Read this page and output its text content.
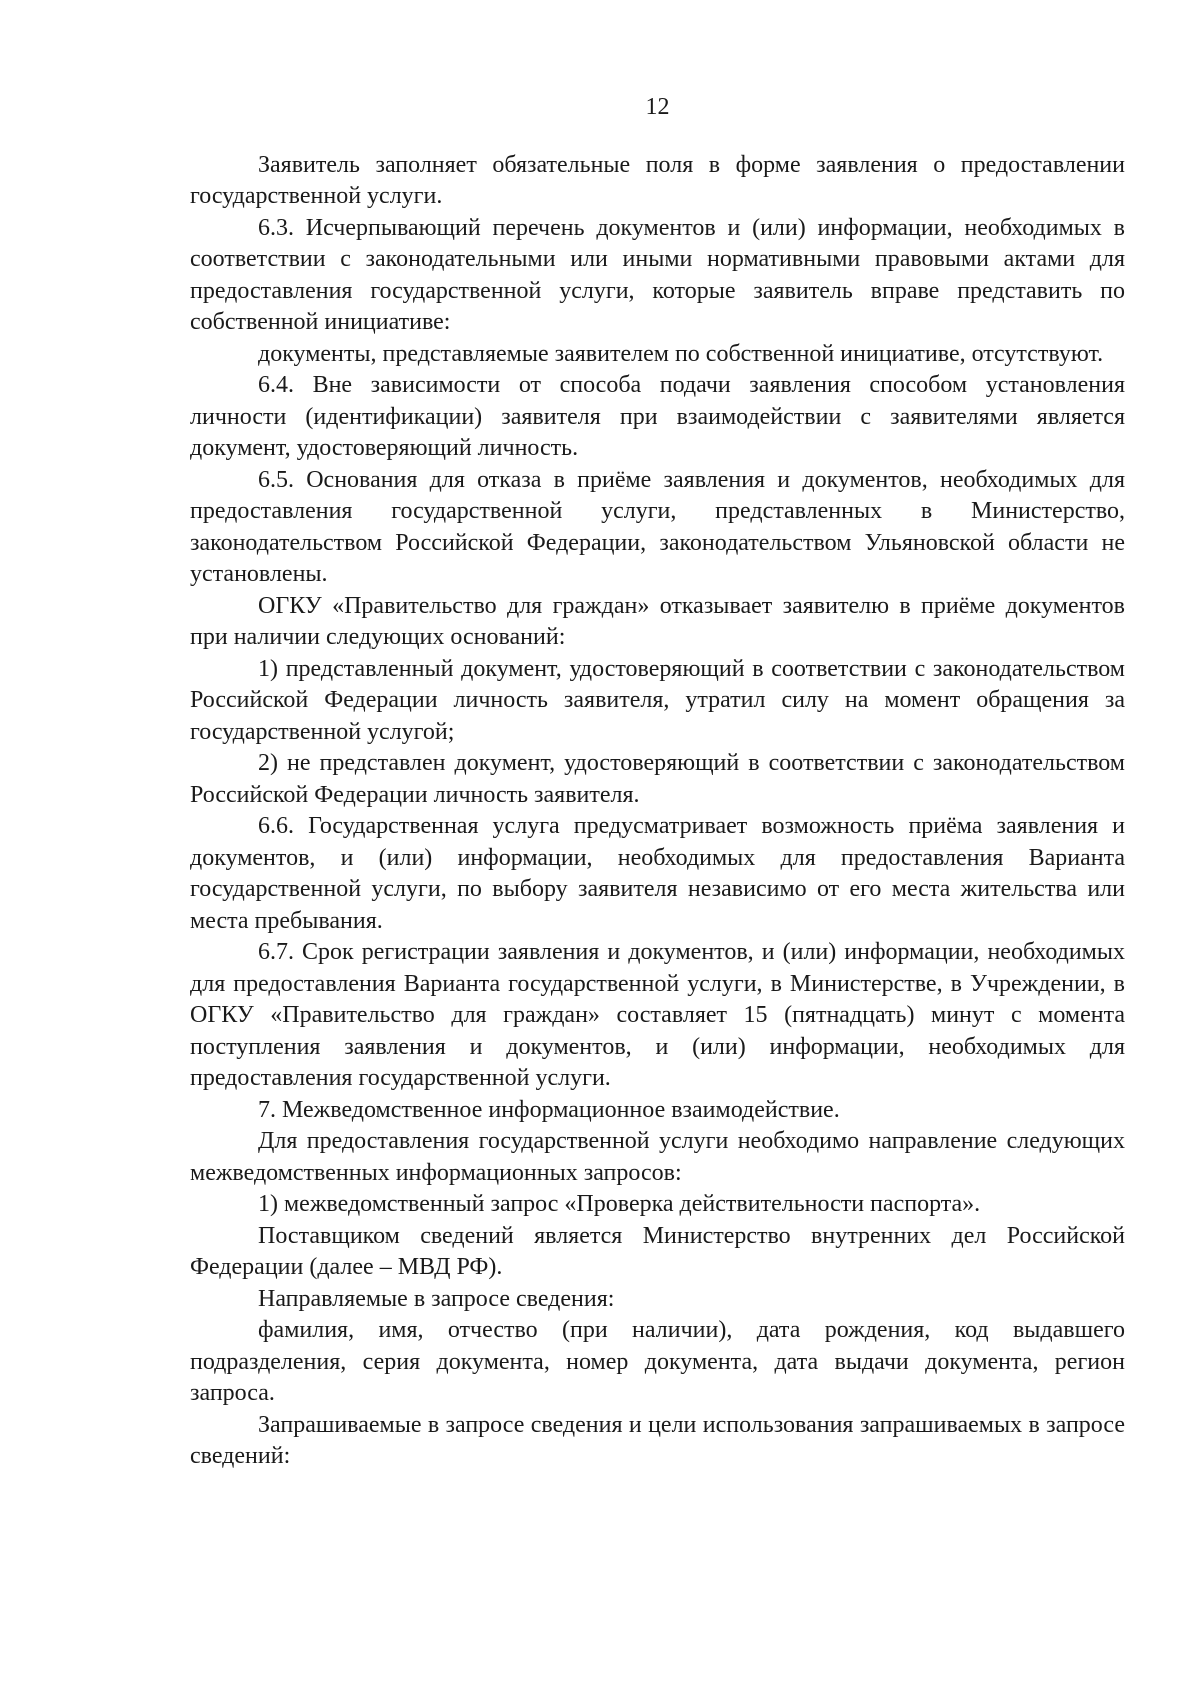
12

Заявитель заполняет обязательные поля в форме заявления о предоставлении государственной услуги.

6.3. Исчерпывающий перечень документов и (или) информации, необходимых в соответствии с законодательными или иными нормативными правовыми актами для предоставления государственной услуги, которые заявитель вправе представить по собственной инициативе:

документы, представляемые заявителем по собственной инициативе, отсутствуют.

6.4. Вне зависимости от способа подачи заявления способом установления личности (идентификации) заявителя при взаимодействии с заявителями является документ, удостоверяющий личность.

6.5. Основания для отказа в приёме заявления и документов, необходимых для предоставления государственной услуги, представленных в Министерство, законодательством Российской Федерации, законодательством Ульяновской области не установлены.

ОГКУ «Правительство для граждан» отказывает заявителю в приёме документов при наличии следующих оснований:

1) представленный документ, удостоверяющий в соответствии с законодательством Российской Федерации личность заявителя, утратил силу на момент обращения за государственной услугой;

2) не представлен документ, удостоверяющий в соответствии с законодательством Российской Федерации личность заявителя.

6.6. Государственная услуга предусматривает возможность приёма заявления и документов, и (или) информации, необходимых для предоставления Варианта государственной услуги, по выбору заявителя независимо от его места жительства или места пребывания.

6.7. Срок регистрации заявления и документов, и (или) информации, необходимых для предоставления Варианта государственной услуги, в Министерстве, в Учреждении, в ОГКУ «Правительство для граждан» составляет 15 (пятнадцать) минут с момента поступления заявления и документов, и (или) информации, необходимых для предоставления государственной услуги.

7. Межведомственное информационное взаимодействие.

Для предоставления государственной услуги необходимо направление следующих межведомственных информационных запросов:

1) межведомственный запрос «Проверка действительности паспорта».

Поставщиком сведений является Министерство внутренних дел Российской Федерации (далее – МВД РФ).

Направляемые в запросе сведения:

фамилия, имя, отчество (при наличии), дата рождения, код выдавшего подразделения, серия документа, номер документа, дата выдачи документа, регион запроса.

Запрашиваемые в запросе сведения и цели использования запрашиваемых в запросе сведений:
